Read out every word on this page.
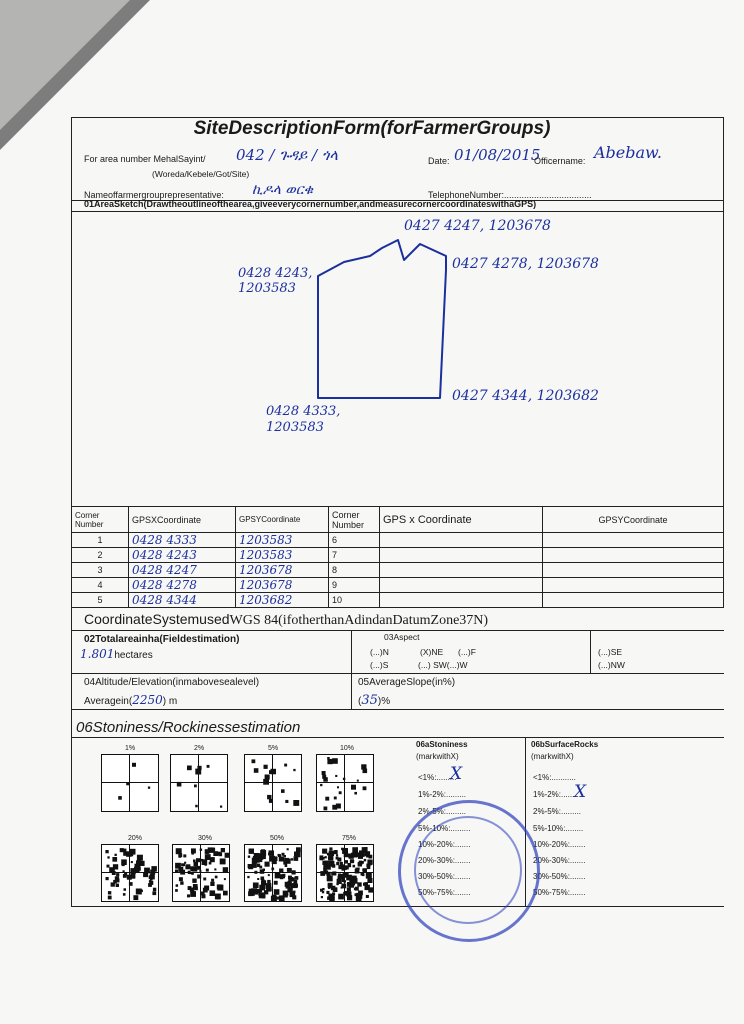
SiteDescriptionForm(forFarmerGroups)
For area number MehalSayint/ 042 / ጉዳይ / ጎላ
(Woreda/Kebele/Got/Site)
Date: 01/08/2015
Officername: Abebaw.
Nameoffarmergrouprepresentative: ኪዶላ ወርቁ	TelephoneNumber:...................................
01AreaSketch(Drawtheoutlineofthearea,giveeverycornernumber,andmeasurecornercoordinateswithaGPS)
0427 4247, 1203678
0427 4278, 1203678
0428 4243, 1203583
0427 4344, 1203682
0428 4333, 1203583
Corner Number	GPSXCoordinate	GPSYCoordinate	Corner Number	GPS x Coordinate	GPSYCoordinate
1	0428 4333	1203583	6		
2	0428 4243	1203583	7		
3	0428 4247	1203678	8		
4	0428 4278	1203678	9		
5	0428 4344	1203682	10		
CoordinateSystemusedWGS 84(ifotherthanAdindanDatumZone37N)
02Totalareainha(Fieldestimation)
1.801hectares
03Aspect
(...)N	(X)NE (...)F
(...)S	(...) SW(...)W
(...)SE
(...)NW
04Altitude/Elevation(inmabovesealevel)
Averagein(2250) m
05AverageSlope(in%)
(35)%
06Stoniness/Rockinessestimation
1%	2%	5%	10%
20%	30%	50%	75%
06aStoniness
(markwithX)
06bSurfaceRocks
(markwithX)
<1%:.........
1%-2%:.........
2%-5%:.........
5%-10%:.........
10%-20%:.......
20%-30%:.......
30%-50%:.......
50%-75%:.......
<1%:...........
1%-2%:.........
2%-5%:.........
5%-10%:........
10%-20%:.......
20%-30%:.......
30%-50%:.......
50%-75%:.......
X
X
